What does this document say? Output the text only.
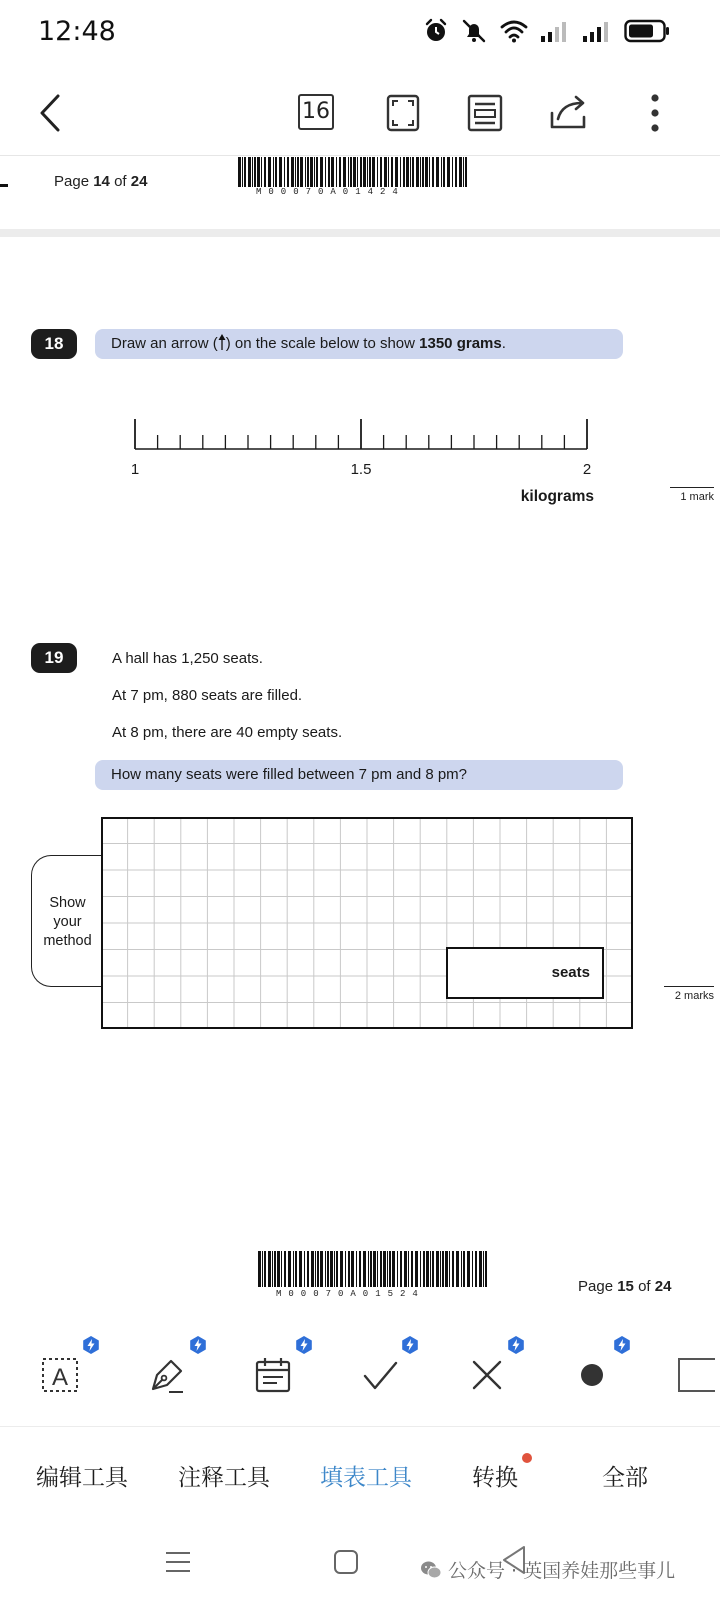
12:48
16
Page 14 of 24
M00070A01424
18	Draw an arrow ( ) on the scale below to show 1350 grams.
1	1.5	2
kilograms	1 mark
19	A hall has 1,250 seats.
At 7 pm, 880 seats are filled.
At 8 pm, there are 40 empty seats.
How many seats were filled between 7 pm and 8 pm?
Show
your
method
seats
2 marks
M00070A01524	Page 15 of 24
A
编辑工具 注释工具 填表工具	转换	全部
公众号 · 英国养娃那些事儿
